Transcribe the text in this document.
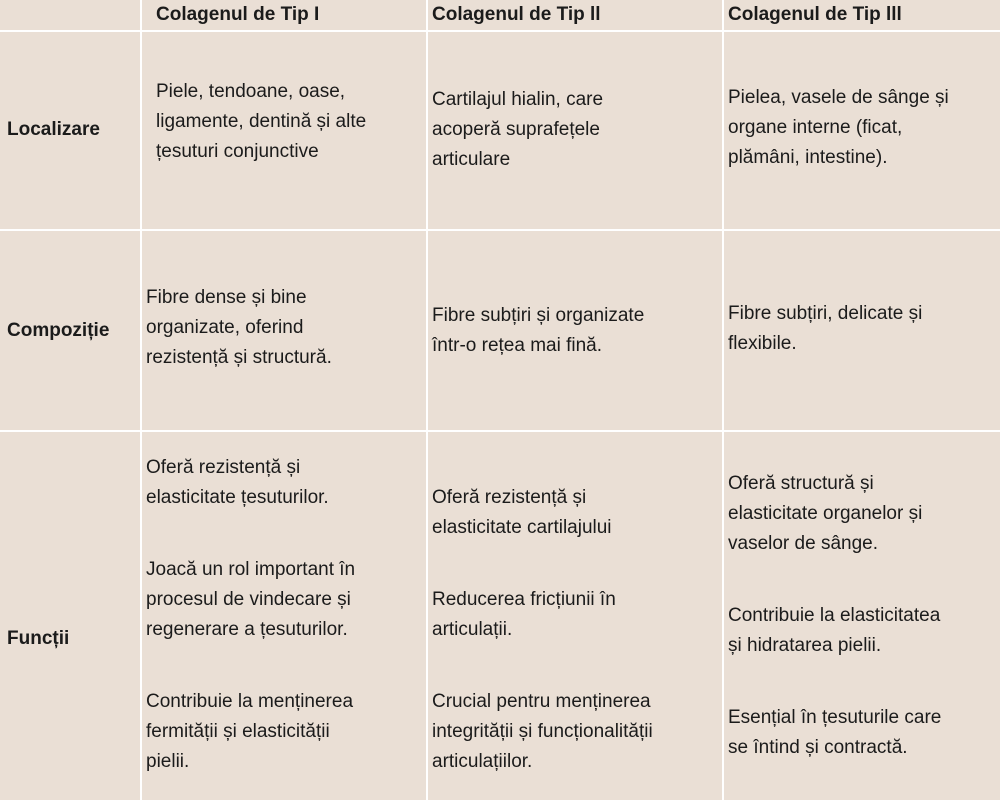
Colagenul de Tip I	Colagenul de Tip ll	Colagenul de Tip lll
Localizare
Piele, tendoane, oase,
ligamente, dentină și alte
țesuturi conjunctive
Cartilajul hialin, care
acoperă suprafețele
articulare
Pielea, vasele de sânge și
organe interne (ficat,
plămâni, intestine).
Compoziție
Fibre dense și bine
organizate, oferind
rezistență și structură.
Fibre subțiri și organizate
într-o rețea mai fină.
Fibre subțiri, delicate și
flexibile.
Funcții
Oferă rezistență și
elasticitate țesuturilor.
Joacă un rol important în
procesul de vindecare și
regenerare a țesuturilor.
Contribuie la menținerea
fermității și elasticității
pielii.
Oferă rezistență și
elasticitate cartilajului
Reducerea fricțiunii în
articulații.
Crucial pentru menținerea
integrității și funcționalității
articulațiilor.
Oferă structură și
elasticitate organelor și
vaselor de sânge.
Contribuie la elasticitatea
și hidratarea pielii.
Esențial în țesuturile care
se întind și contractă.
